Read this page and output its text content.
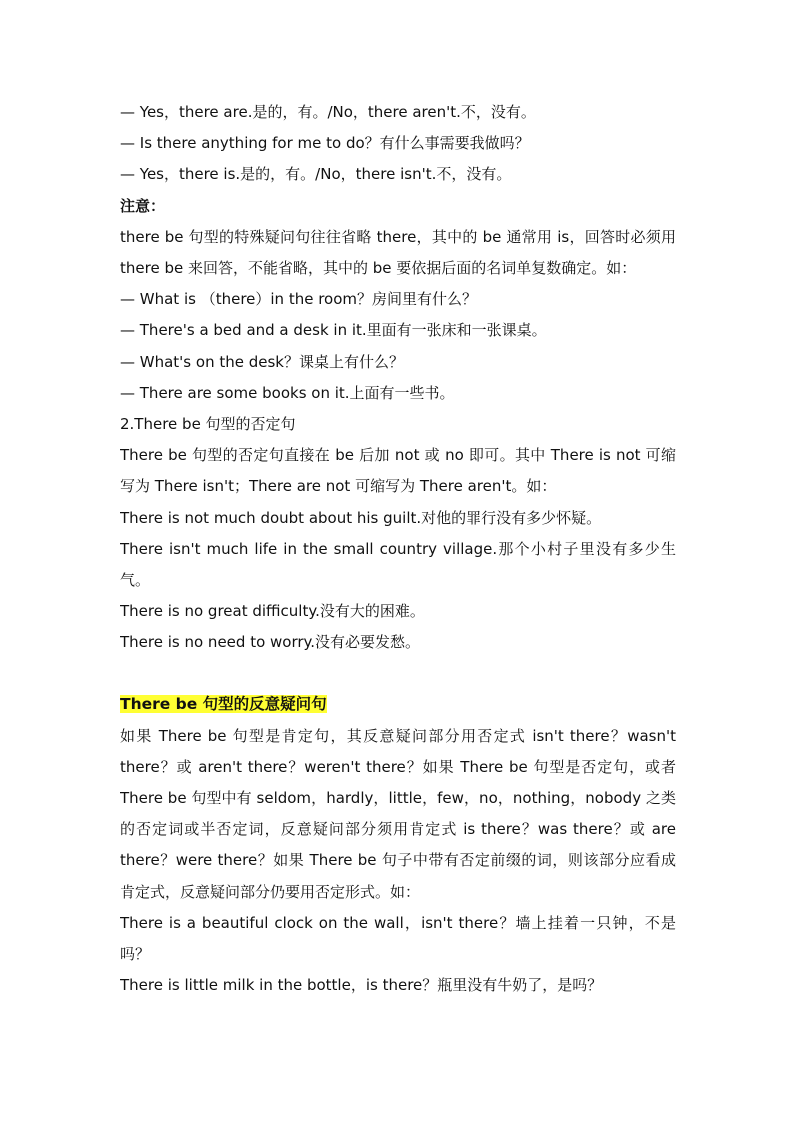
— Yes，there are.是的，有。/No，there aren't.不，没有。
— Is there anything for me to do？有什么事需要我做吗？
— Yes，there is.是的，有。/No，there isn't.不，没有。
注意：
there be 句型的特殊疑问句往往省略 there，其中的 be 通常用 is，回答时必须用 there be 来回答，不能省略，其中的 be 要依据后面的名词单复数确定。如：
— What is （there）in the room？房间里有什么？
— There's a bed and a desk in it.里面有一张床和一张课桌。
— What's on the desk？课桌上有什么？
— There are some books on it.上面有一些书。
2.There be 句型的否定句
There be 句型的否定句直接在 be 后加 not 或 no 即可。其中 There is not 可缩写为 There isn't；There are not 可缩写为 There aren't。如：
There is not much doubt about his guilt.对他的罪行没有多少怀疑。
There isn't much life in the small country village.那个小村子里没有多少生气。
There is no great difficulty.没有大的困难。
There is no need to worry.没有必要发愁。
There be 句型的反意疑问句
如果 There be 句型是肯定句，其反意疑问部分用否定式 isn't there？wasn't there？或 aren't there？weren't there？如果 There be 句型是否定句，或者 There be 句型中有 seldom，hardly，little，few，no，nothing，nobody 之类的否定词或半否定词，反意疑问部分须用肯定式 is there？was there？或 are there？were there？如果 There be 句子中带有否定前缀的词，则该部分应看成肯定式，反意疑问部分仍要用否定形式。如：
There is a beautiful clock on the wall，isn't there？墙上挂着一只钟，不是吗？
There is little milk in the bottle，is there？瓶里没有牛奶了，是吗？
